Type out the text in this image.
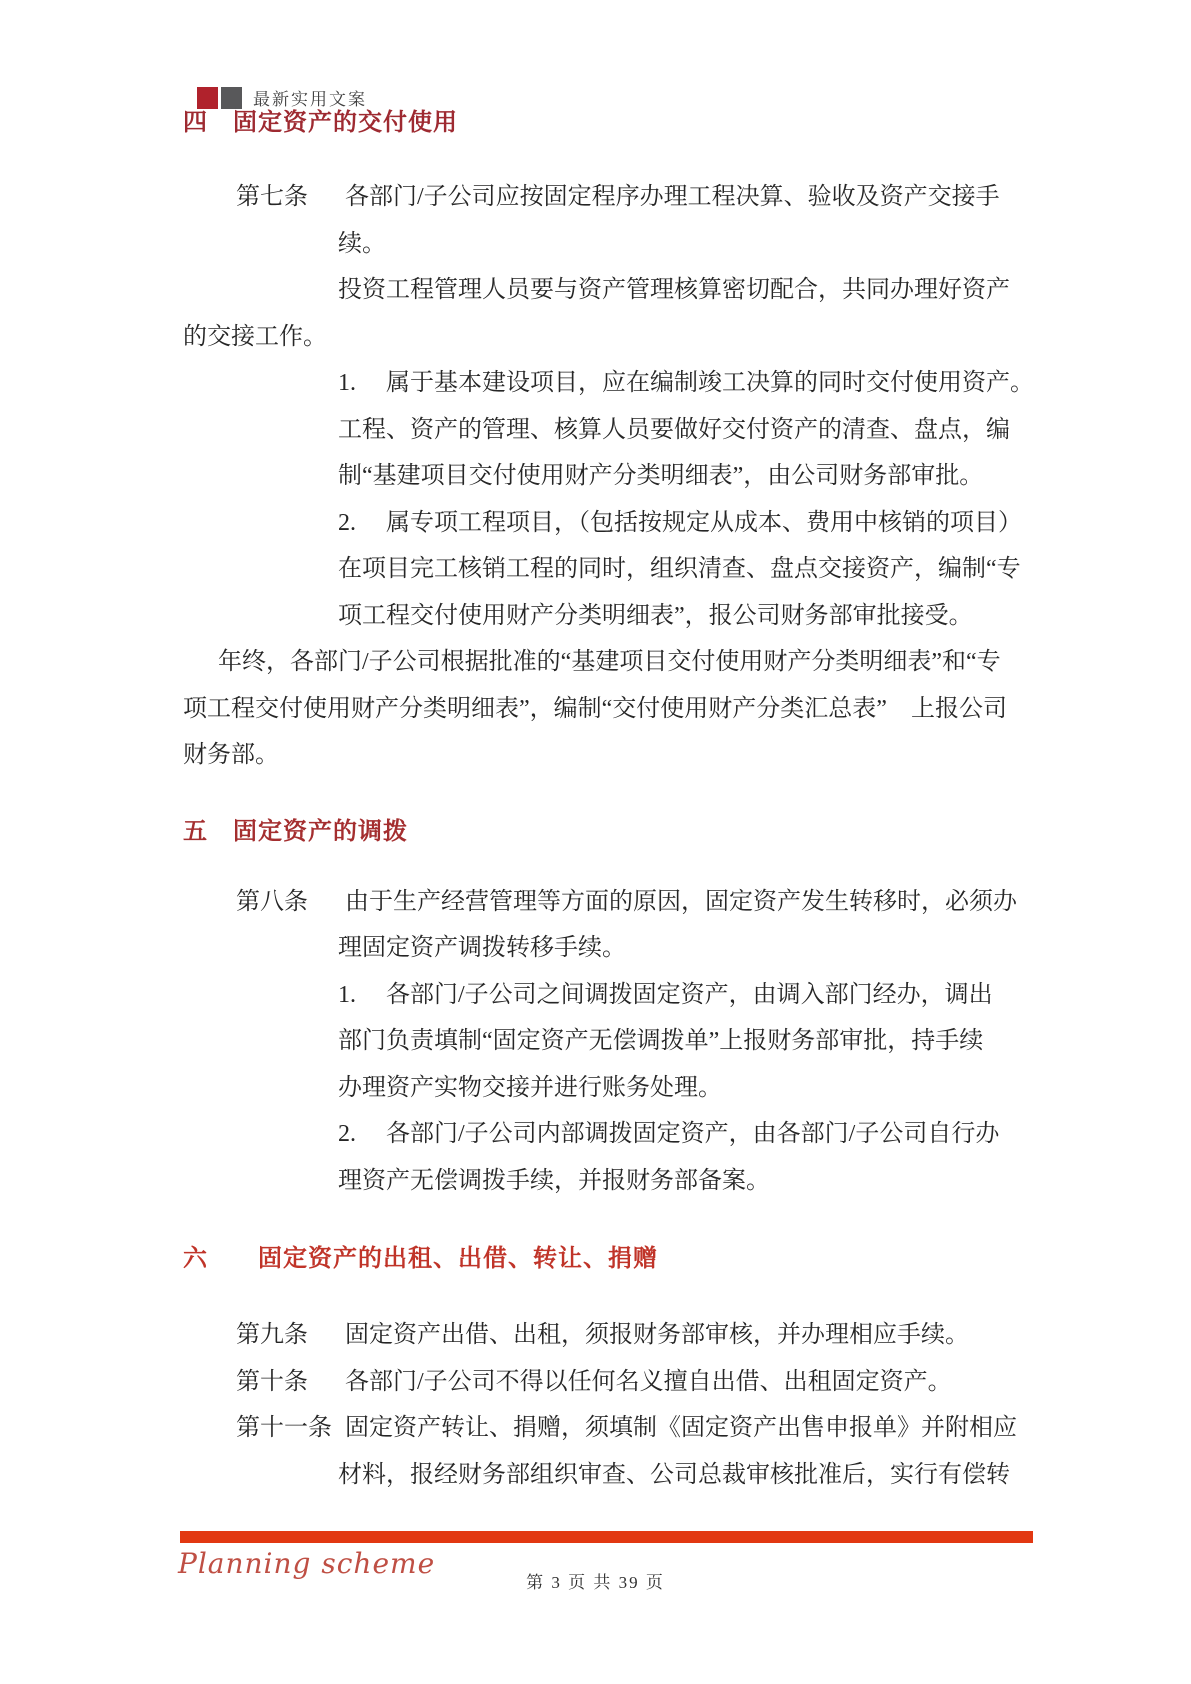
最新实用文案
四　固定资产的交付使用
第七条	各部门/子公司应按固定程序办理工程决算、验收及资产交接手
续。
投资工程管理人员要与资产管理核算密切配合，共同办理好资产
的交接工作。
1.　 属于基本建设项目，应在编制竣工决算的同时交付使用资产。
工程、资产的管理、核算人员要做好交付资产的清查、盘点，编
制“基建项目交付使用财产分类明细表”，由公司财务部审批。
2.　 属专项工程项目，（包括按规定从成本、费用中核销的项目）
在项目完工核销工程的同时，组织清查、盘点交接资产，编制“专
项工程交付使用财产分类明细表”，报公司财务部审批接受。
年终，各部门/子公司根据批准的“基建项目交付使用财产分类明细表”和“专
项工程交付使用财产分类明细表”，编制“交付使用财产分类汇总表”　上报公司
财务部。
五　固定资产的调拨
第八条	由于生产经营管理等方面的原因，固定资产发生转移时，必须办
理固定资产调拨转移手续。
1.　 各部门/子公司之间调拨固定资产，由调入部门经办，调出
部门负责填制“固定资产无偿调拨单”上报财务部审批，持手续
办理资产实物交接并进行账务处理。
2.　 各部门/子公司内部调拨固定资产，由各部门/子公司自行办
理资产无偿调拨手续，并报财务部备案。
六　　固定资产的出租、出借、转让、捐赠
第九条	固定资产出借、出租，须报财务部审核，并办理相应手续。
第十条	各部门/子公司不得以任何名义擅自出借、出租固定资产。
第十一条 固定资产转让、捐赠，须填制《固定资产出售申报单》并附相应
材料，报经财务部组织审查、公司总裁审核批准后，实行有偿转
Planning scheme
第 3 页 共 39 页
